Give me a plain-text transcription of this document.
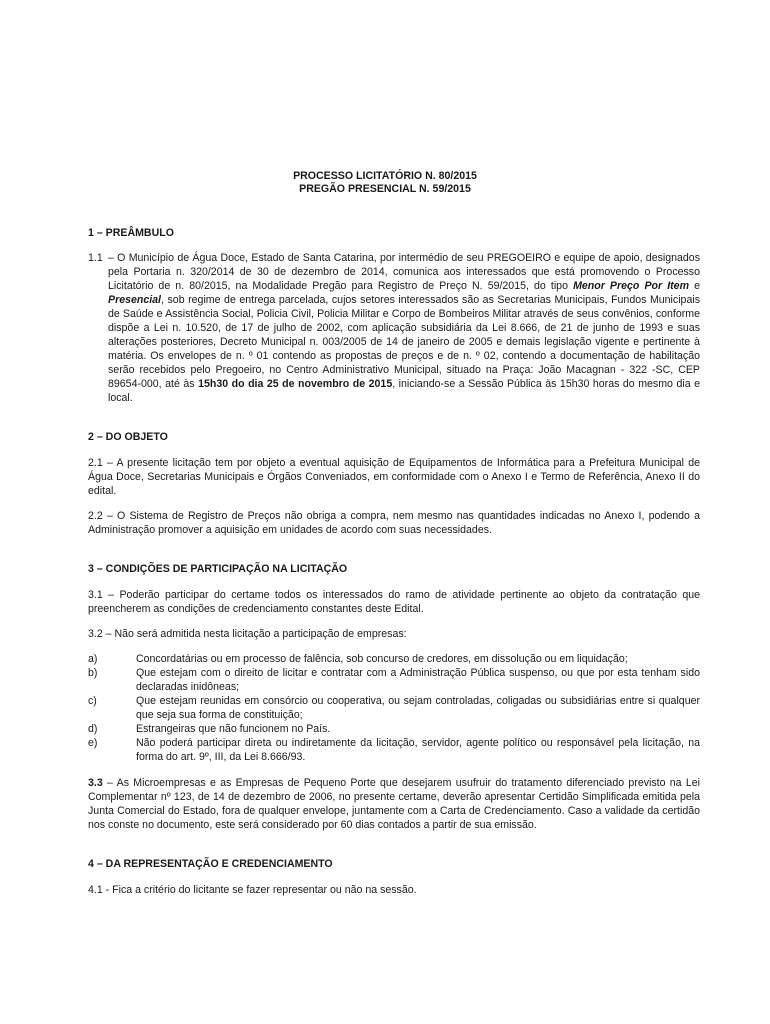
PROCESSO LICITATÓRIO N. 80/2015
PREGÃO PRESENCIAL N. 59/2015
1 – PREÂMBULO
1.1 – O Município de Água Doce, Estado de Santa Catarina, por intermédio de seu PREGOEIRO e equipe de apoio, designados pela Portaria n. 320/2014 de 30 de dezembro de 2014, comunica aos interessados que está promovendo o Processo Licitatório de n. 80/2015, na Modalidade Pregão para Registro de Preço N. 59/2015, do tipo Menor Preço Por Item e Presencial, sob regime de entrega parcelada, cujos setores interessados são as Secretarias Municipais, Fundos Municipais de Saúde e Assistência Social, Policia Civil, Policia Militar e Corpo de Bombeiros Militar através de seus convênios, conforme dispõe a Lei n. 10.520, de 17 de julho de 2002, com aplicação subsidiária da Lei 8.666, de 21 de junho de 1993 e suas alterações posteriores, Decreto Municipal n. 003/2005 de 14 de janeiro de 2005 e demais legislação vigente e pertinente à matéria. Os envelopes de n. º 01 contendo as propostas de preços e de n. º 02, contendo a documentação de habilitação serão recebidos pelo Pregoeiro, no Centro Administrativo Municipal, situado na Praça: João Macagnan - 322 -SC, CEP 89654-000, até às 15h30 do dia 25 de novembro de 2015, iniciando-se a Sessão Pública às 15h30 horas do mesmo dia e local.
2 – DO OBJETO

2.1 – A presente licitação tem por objeto a eventual aquisição de Equipamentos de Informática para a Prefeitura Municipal de Água Doce, Secretarias Municipais e Órgãos Conveniados, em conformidade com o Anexo I e Termo de Referência, Anexo II do edital.

2.2 – O Sistema de Registro de Preços não obriga a compra, nem mesmo nas quantidades indicadas no Anexo I, podendo a Administração promover a aquisição em unidades de acordo com suas necessidades.

3 – CONDIÇÕES DE PARTICIPAÇÃO NA LICITAÇÃO

3.1 – Poderão participar do certame todos os interessados do ramo de atividade pertinente ao objeto da contratação que preencherem as condições de credenciamento constantes deste Edital.

3.2 – Não será admitida nesta licitação a participação de empresas:

a)	Concordatárias ou em processo de falência, sob concurso de credores, em dissolução ou em liquidação;
b)	Que estejam com o direito de licitar e contratar com a Administração Pública suspenso, ou que por esta tenham sido declaradas inidôneas;
c)	Que estejam reunidas em consórcio ou cooperativa, ou sejam controladas, coligadas ou subsidiárias entre si qualquer que seja sua forma de constituição;
d)	Estrangeiras que não funcionem no País.
e)	Não poderá participar direta ou indiretamente da licitação, servidor, agente político ou responsável pela licitação, na forma do art. 9º, III, da Lei 8.666/93.

3.3 – As Microempresas e as Empresas de Pequeno Porte que desejarem usufruir do tratamento diferenciado previsto na Lei Complementar nº 123, de 14 de dezembro de 2006, no presente certame, deverão apresentar Certidão Simplificada emitida pela Junta Comercial do Estado, fora de qualquer envelope, juntamente com a Carta de Credenciamento. Caso a validade da certidão nos conste no documento, este será considerado por 60 dias contados a partir de sua emissão.

4 – DA REPRESENTAÇÃO E CREDENCIAMENTO

4.1 - Fica a critério do licitante se fazer representar ou não na sessão.
